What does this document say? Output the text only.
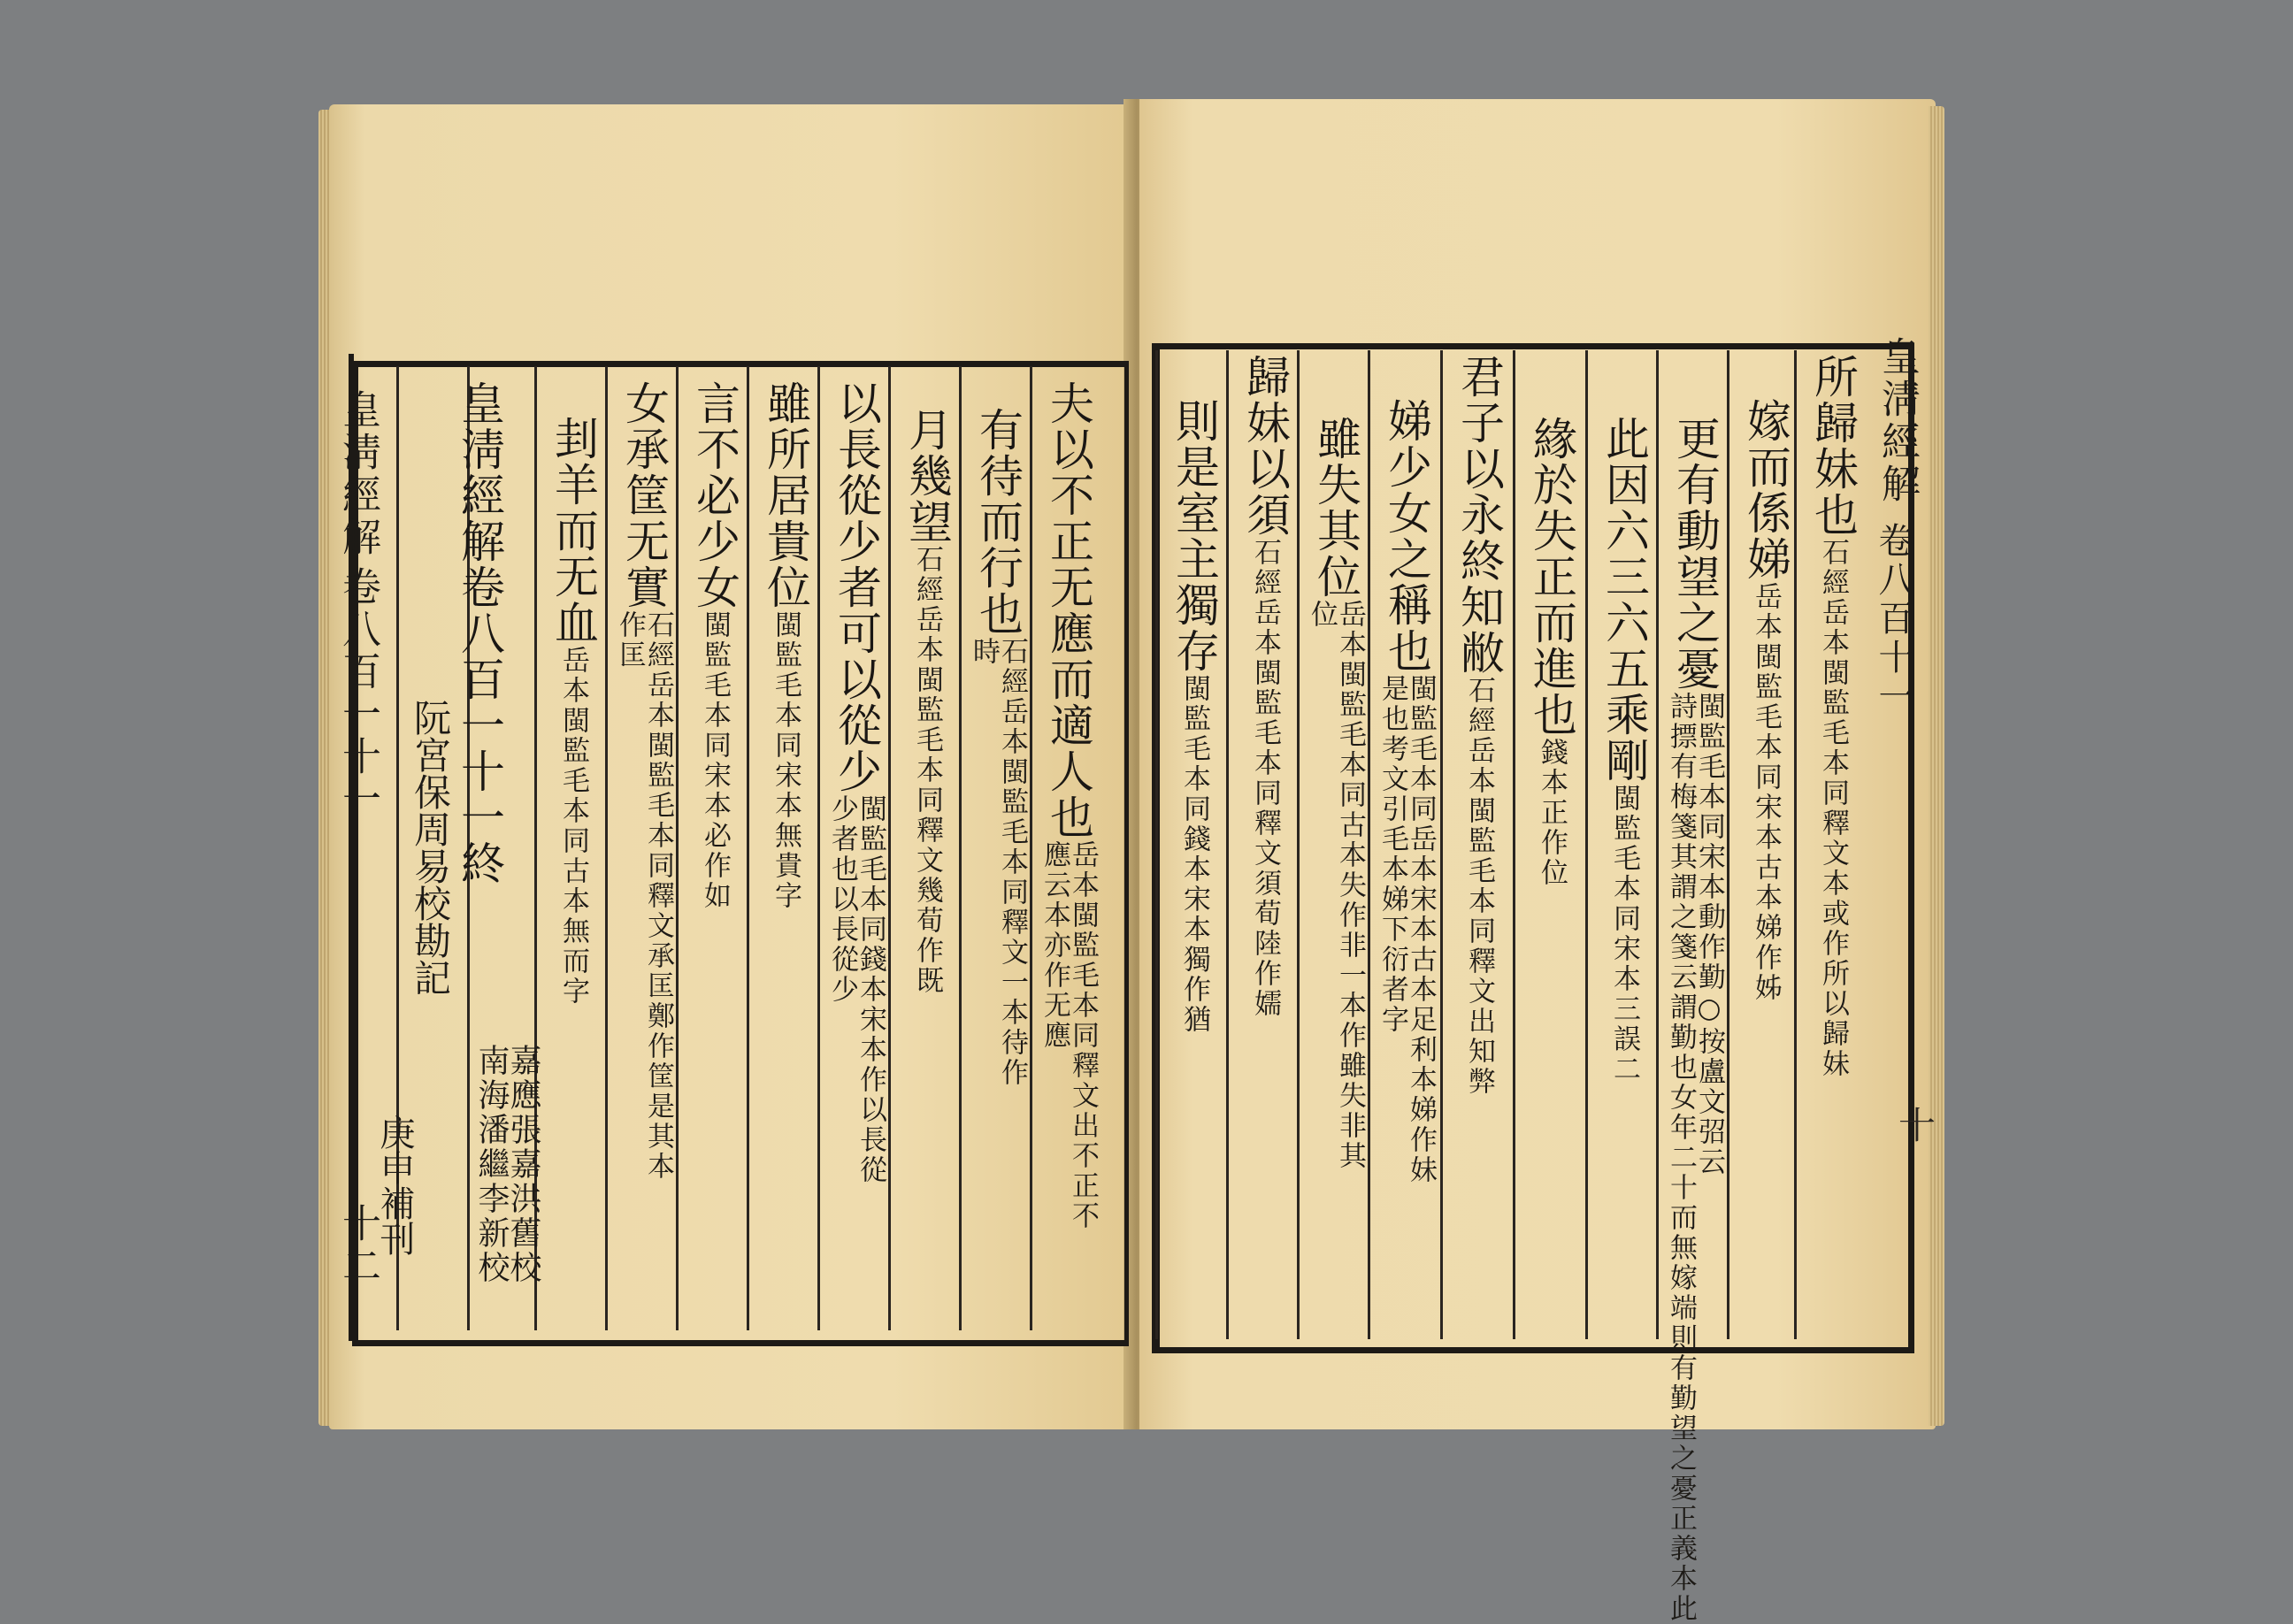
皇淸經解
卷八百一十一
十二
夫以不正无應而適人也
岳本閩監毛本同釋文出不正不
應云本亦作无應
有待而行也
石經岳本閩監毛本同釋文一本待作
時
月幾望
石經岳本閩監毛本同釋文幾荀作既
以長從少者可以從少
閩監毛本同錢本宋本作以長從
少者也以長從少
雖所居貴位
閩監毛本同宋本無貴字
言不必少女
閩監毛本同宋本必作如
女承筐无實
石經岳本閩監毛本同釋文承匡鄭作筐是其本
作匡
刲羊而无血
岳本閩監毛本同古本無而字
皇淸經解卷八百一十一終
阮宮保周易校勘記
嘉應張嘉洪舊校
南海潘繼李新校
庚申補刊
皇淸經解
卷八百十一
十
所歸妹也
石經岳本閩監毛本同釋文本或作所以歸妹
嫁而係娣
岳本閩監毛本同宋本古本娣作姊
更有動望之憂
閩監毛本同宋本動作勤○按盧文弨云
詩摽有梅箋其謂之箋云謂勤也女年二十而無嫁端則有勤望之憂正義本此
此因六三六五乘剛
閩監毛本同宋本三誤二
緣於失正而進也
錢本正作位
君子以永終知敝
石經岳本閩監毛本同釋文出知弊
娣少女之稱也
閩監毛本同岳本宋本古本足利本娣作妹
是也考文引毛本娣下衍者字
雖失其位
岳本閩監毛本同古本失作非一本作雖失非其
位
歸妹以須
石經岳本閩監毛本同釋文須荀陸作嬬
則是室主獨存
閩監毛本同錢本宋本獨作猶
